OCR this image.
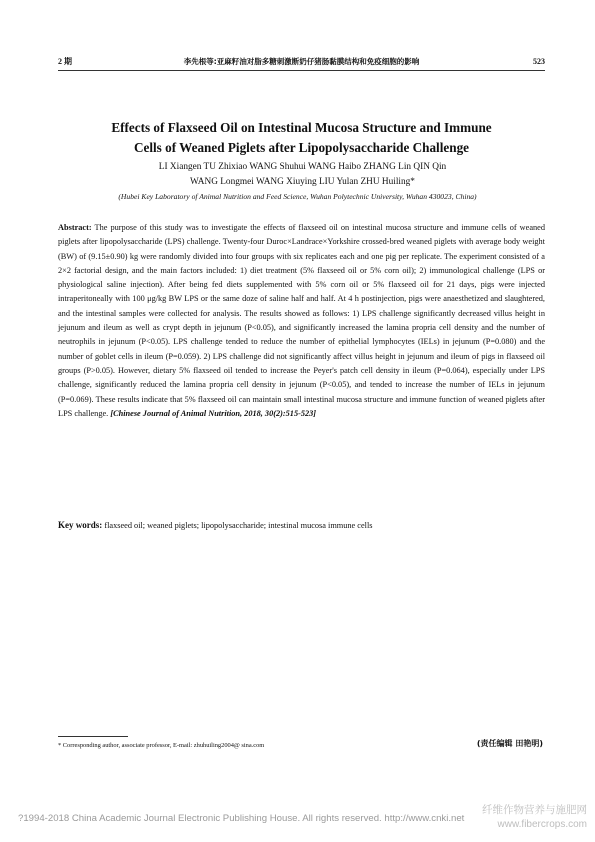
2 期	李先根等:亚麻籽油对脂多糖刺激断奶仔猪肠黏膜结构和免疫细胞的影响	523
Effects of Flaxseed Oil on Intestinal Mucosa Structure and Immune
Cells of Weaned Piglets after Lipopolysaccharide Challenge
LI Xiangen TU Zhixiao WANG Shuhui WANG Haibo ZHANG Lin QIN Qin
WANG Longmei WANG Xiuying LIU Yulan ZHU Huiling*
(Hubei Key Laboratory of Animal Nutrition and Feed Science, Wuhan Polytechnic University, Wuhan 430023, China)
Abstract: The purpose of this study was to investigate the effects of flaxseed oil on intestinal mucosa structure and immune cells of weaned piglets after lipopolysaccharide (LPS) challenge. Twenty-four Duroc×Landrace×Yorkshire crossed-bred weaned piglets with average body weight (BW) of (9.15±0.90) kg were randomly divided into four groups with six replicates each and one pig per replicate. The experiment consisted of a 2×2 factorial design, and the main factors included: 1) diet treatment (5% flaxseed oil or 5% corn oil); 2) immunological challenge (LPS or physiological saline injection). After being fed diets supplemented with 5% corn oil or 5% flaxseed oil for 21 days, pigs were injected intraperitoneally with 100 μg/kg BW LPS or the same doze of saline half and half. At 4 h postinjection, pigs were anaesthetized and slaughtered, and the intestinal samples were collected for analysis. The results showed as follows: 1) LPS challenge significantly decreased villus height in jejunum and ileum as well as crypt depth in jejunum (P<0.05), and significantly increased the lamina propria cell density and the number of neutrophils in jejunum (P<0.05). LPS challenge tended to reduce the number of epithelial lymphocytes (IELs) in jejunum (P=0.080) and the number of goblet cells in ileum (P=0.059). 2) LPS challenge did not significantly affect villus height in jejunum and ileum of pigs in flaxseed oil groups (P>0.05). However, dietary 5% flaxseed oil tended to increase the Peyer's patch cell density in ileum (P=0.064), especially under LPS challenge, significantly reduced the lamina propria cell density in jejunum (P<0.05), and tended to increase the number of IELs in jejunum (P=0.069). These results indicate that 5% flaxseed oil can maintain small intestinal mucosa structure and immune function of weaned piglets after LPS challenge. [Chinese Journal of Animal Nutrition, 2018, 30(2):515-523]
Key words: flaxseed oil; weaned piglets; lipopolysaccharide; intestinal mucosa immune cells
* Corresponding author, associate professor, E-mail: zhuhuiling2004@ sina.com	(责任编辑 田艳明)
?1994-2018 China Academic Journal Electronic Publishing House. All rights reserved. http://www.cnki.net
纤维作物营养与施肥网
www.fibercrops.com
